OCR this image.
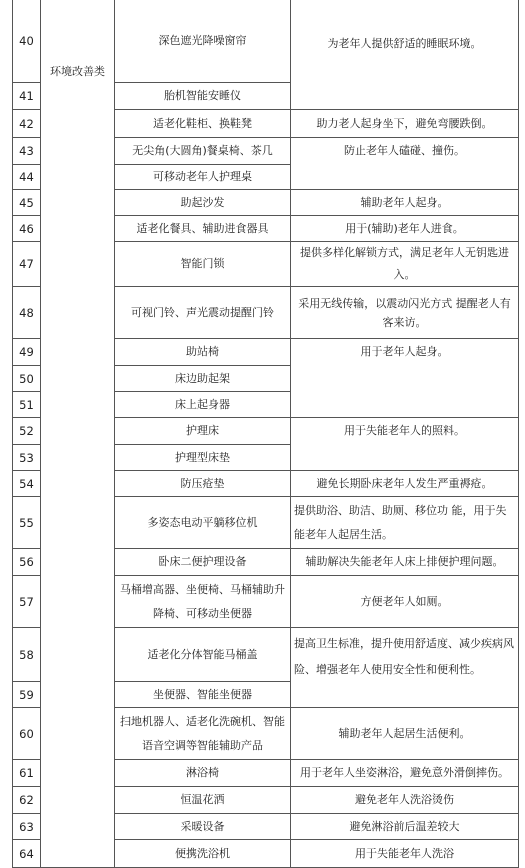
40	环境改善类	深色遮光降噪窗帘	为老年人提供舒适的睡眠环境。
41		胎机智能安睡仪	
42		适老化鞋柜、换鞋凳	助力老人起身坐下，避免弯腰跌倒。
43		无尖角(大圆角)餐桌椅、茶几	防止老年人磕碰、撞伤。
44		可移动老年人护理桌	
45		助起沙发	辅助老年人起身。
46		适老化餐具、辅助进食器具	用于(辅助)老年人进食。
47		智能门锁	提供多样化解锁方式，满足老年人无钥匙进入。
48		可视门铃、声光震动提醒门铃	采用无线传输，以震动闪光方式 提醒老人有客来访。
49		助站椅	用于老年人起身。
50		床边助起架	
51		床上起身器	
52		护理床	用于失能老年人的照料。
53		护理型床垫	
54		防压疮垫	避免长期卧床老年人发生严重褥疮。
55		多姿态电动平躺移位机	提供助浴、助洁、助厕、移位功 能，用于失能老年人起居生活。
56		卧床二便护理设备	辅助解决失能老年人床上排便护理问题。
57		马桶增高器、坐便椅、马桶辅助升降椅、可移动坐便器	方便老年人如厕。
58		适老化分体智能马桶盖	提高卫生标准，提升使用舒适度、减少疾病风险、增强老年人使用安全性和便利性。
59		坐便器、智能坐便器	
60		扫地机器人、适老化洗碗机、智能语音空调等智能辅助产品	辅助老年人起居生活便利。
61		淋浴椅	用于老年人坐姿淋浴，避免意外滑倒摔伤。
62		恒温花洒	避免老年人洗浴烫伤
63		采暖设备	避免淋浴前后温差较大
64		便携洗浴机	用于失能老年人洗浴
